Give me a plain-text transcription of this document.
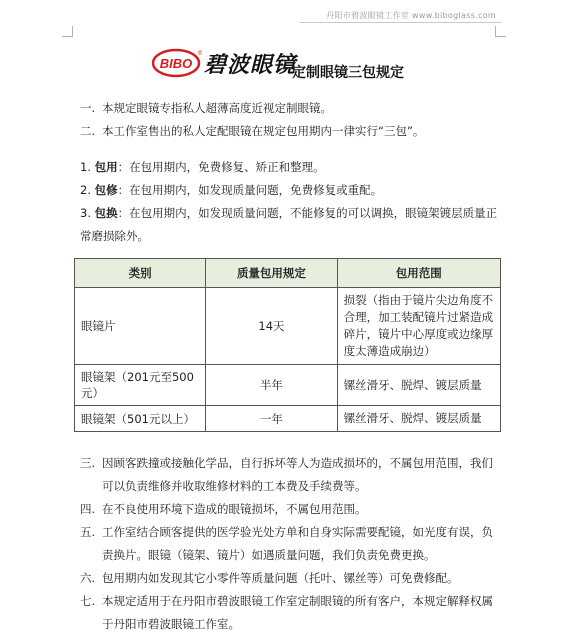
丹阳市碧波眼镜工作室 www.biboglass.com
BIBO
® 碧波眼镜
定制眼镜三包规定
一. 本规定眼镜专指私人超薄高度近视定制眼镜。
二. 本工作室售出的私人定配眼镜在规定包用期内一律实行“三包”。
1. 包用：在包用期内，免费修复、矫正和整理。
2. 包修：在包用期内，如发现质量问题，免费修复或重配。
3. 包换：在包用期内，如发现质量问题，不能修复的可以调换，眼镜架镀层质量正常磨损除外。
类别	质量包用规定	包用范围
眼镜片	14天	损裂（指由于镜片尖边角度不合理，加工装配镜片过紧造成碎片，镜片中心厚度或边缘厚度太薄造成崩边）
眼镜架（201元至500元）	半年	镙丝滑牙、脱焊、镀层质量
眼镜架（501元以上）	一年	镙丝滑牙、脱焊、镀层质量
三. 因顾客跌撞或接触化学品，自行拆坏等人为造成损坏的，不属包用范围，我们可以负责维修并收取维修材料的工本费及手续费等。
四. 在不良使用环境下造成的眼镜损坏，不属包用范围。
五. 工作室结合顾客提供的医学验光处方单和自身实际需要配镜，如光度有误，负责换片。眼镜（镜架、镜片）如遇质量问题，我们负责免费更换。
六. 包用期内如发现其它小零件等质量问题（托叶、镙丝等）可免费修配。
七. 本规定适用于在丹阳市碧波眼镜工作室定制眼镜的所有客户，本规定解释权属于丹阳市碧波眼镜工作室。
